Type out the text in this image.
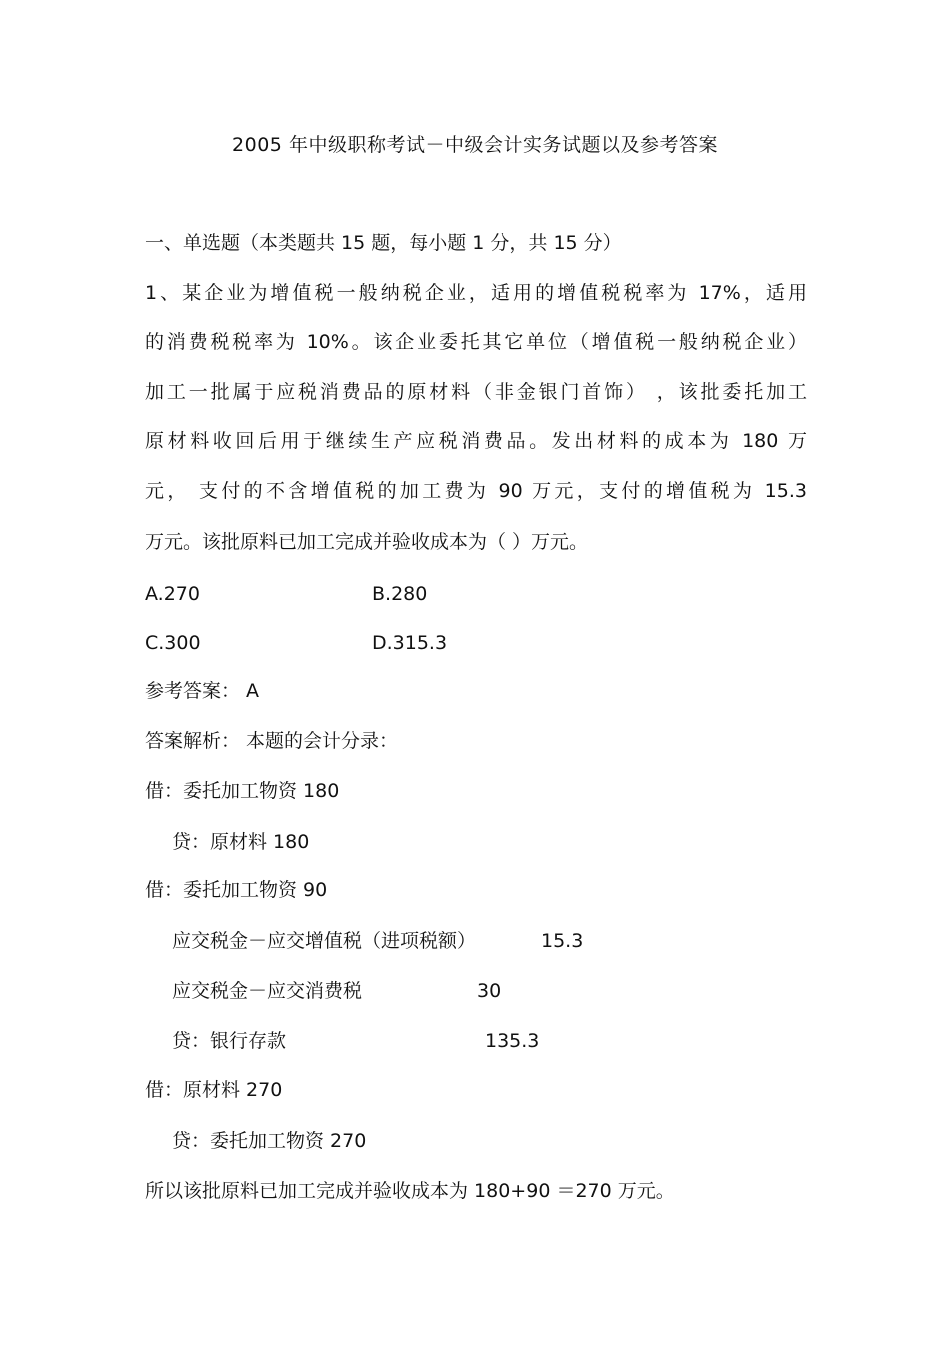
2005 年中级职称考试－中级会计实务试题以及参考答案
一、单选题（本类题共 15 题，每小题 1 分，共 15 分）
1、某企业为增值税一般纳税企业，适用的增值税税率为 17%，适用
的消费税税率为 10%。该企业委托其它单位（增值税一般纳税企业）
加工一批属于应税消费品的原材料（非金银门首饰） ，该批委托加工
原材料收回后用于继续生产应税消费品。发出材料的成本为 180 万
元， 支付的不含增值税的加工费为 90 万元，支付的增值税为 15.3
万元。该批原料已加工完成并验收成本为（ ）万元。
A.270	B.280
C.300	D.315.3
参考答案： A
答案解析： 本题的会计分录：
借：委托加工物资 180
贷：原材料 180
借：委托加工物资 90
应交税金－应交增值税（进项税额）	15.3
应交税金－应交消费税	30
贷：银行存款	135.3
借：原材料 270
贷：委托加工物资 270
所以该批原料已加工完成并验收成本为 180+90 ＝270 万元。
